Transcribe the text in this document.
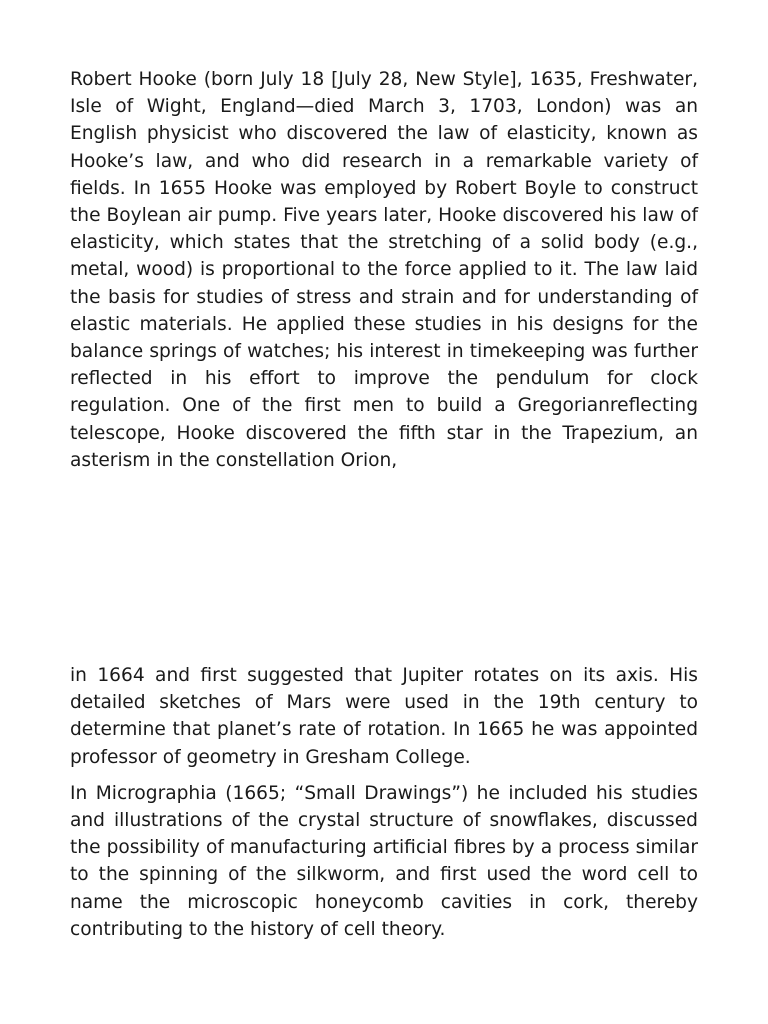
Robert Hooke (born July 18 [July 28, New Style], 1635, Freshwater, Isle of Wight, England—died March 3, 1703, London) was an English physicist who discovered the law of elasticity, known as Hooke’s law, and who did research in a remarkable variety of fields. In 1655 Hooke was employed by Robert Boyle to construct the Boylean air pump. Five years later, Hooke discovered his law of elasticity, which states that the stretching of a solid body (e.g., metal, wood) is proportional to the force applied to it. The law laid the basis for studies of stress and strain and for understanding of elastic materials. He applied these studies in his designs for the balance springs of watches; his interest in timekeeping was further reflected in his effort to improve the pendulum for clock regulation. One of the first men to build a Gregorianreflecting telescope, Hooke discovered the fifth star in the Trapezium, an asterism in the constellation Orion,

in 1664 and first suggested that Jupiter rotates on its axis. His detailed sketches of Mars were used in the 19th century to determine that planet’s rate of rotation. In 1665 he was appointed professor of geometry in Gresham College.

In Micrographia (1665; “Small Drawings”) he included his studies and illustrations of the crystal structure of snowflakes, discussed the possibility of manufacturing artificial fibres by a process similar to the spinning of the silkworm, and first used the word cell to name the microscopic honeycomb cavities in cork, thereby contributing to the history of cell theory.
